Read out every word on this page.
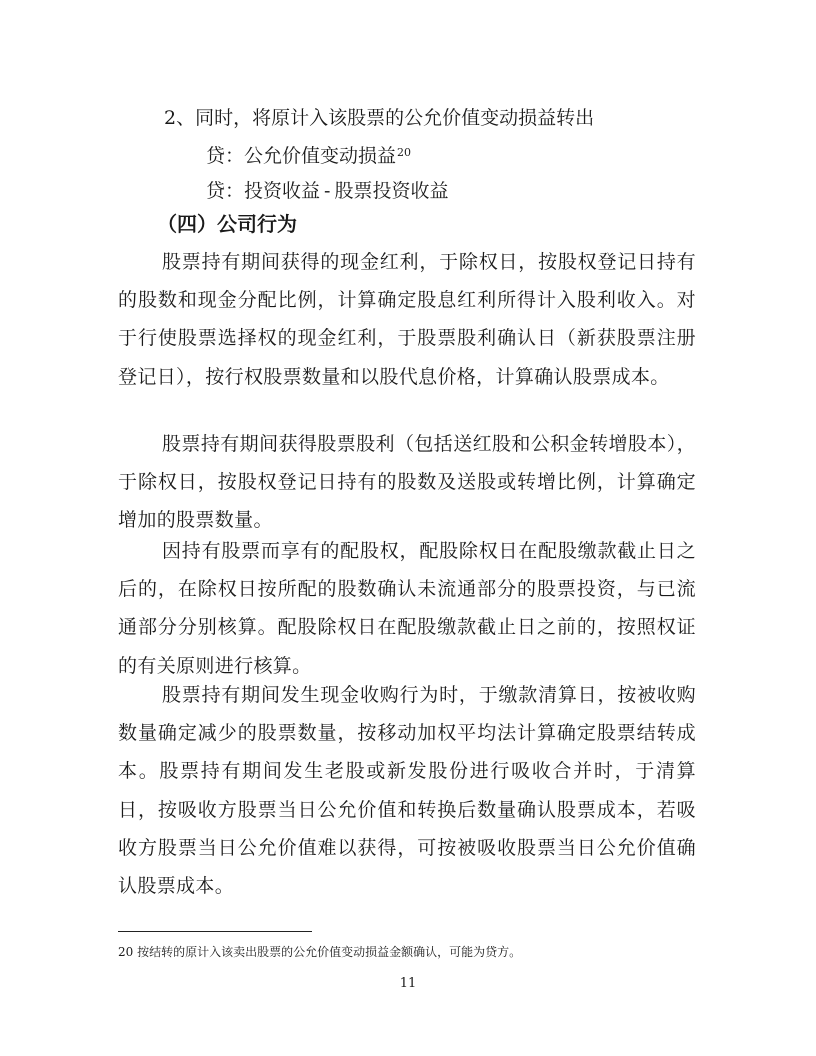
2、同时，将原计入该股票的公允价值变动损益转出
贷：公允价值变动损益$^{20}$
贷：投资收益 - 股票投资收益
（四）公司行为

股票持有期间获得的现金红利，于除权日，按股权登记日持有的股数和现金分配比例，计算确定股息红利所得计入股利收入。对于行使股票选择权的现金红利，于股票股利确认日（新获股票注册登记日），按行权股票数量和以股代息价格，计算确认股票成本。

股票持有期间获得股票股利（包括送红股和公积金转增股本），于除权日，按股权登记日持有的股数及送股或转增比例，计算确定增加的股票数量。

因持有股票而享有的配股权，配股除权日在配股缴款截止日之后的，在除权日按所配的股数确认未流通部分的股票投资，与已流通部分分别核算。配股除权日在配股缴款截止日之前的，按照权证的有关原则进行核算。

股票持有期间发生现金收购行为时，于缴款清算日，按被收购数量确定减少的股票数量，按移动加权平均法计算确定股票结转成本。股票持有期间发生老股或新发股份进行吸收合并时，于清算日，按吸收方股票当日公允价值和转换后数量确认股票成本，若吸收方股票当日公允价值难以获得，可按被吸收股票当日公允价值确认股票成本。

20 按结转的原计入该卖出股票的公允价值变动损益金额确认，可能为贷方。
11
